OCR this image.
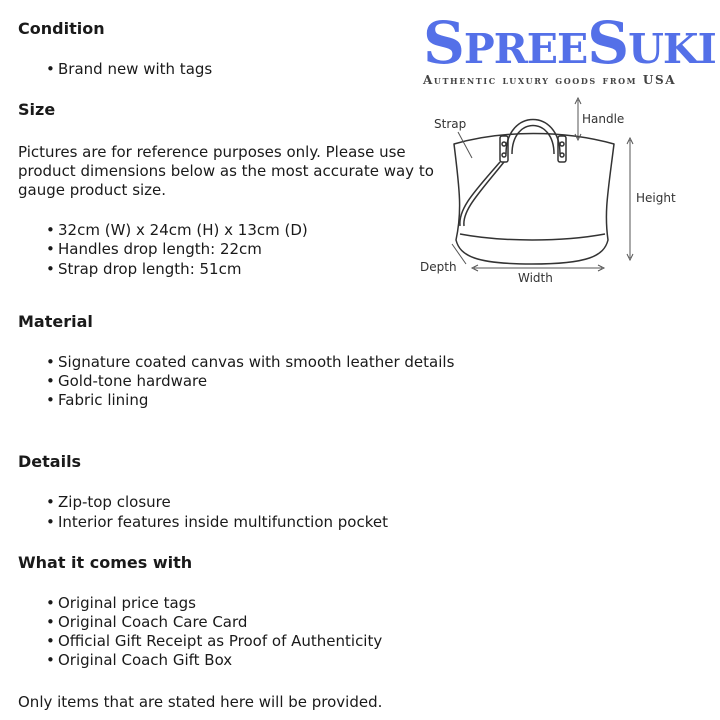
Condition
• Brand new with tags
Size

Pictures are for reference purposes only. Please use
product dimensions below as the most accurate way to
gauge product size.

• 32cm (W) x 24cm (H) x 13cm (D)
• Handles drop length: 22cm
• Strap drop length: 51cm
Material
• Signature coated canvas with smooth leather details
• Gold-tone hardware
• Fabric lining
Details
• Zip-top closure
• Interior features inside multifunction pocket
What it comes with
• Original price tags
• Original Coach Care Card
• Official Gift Receipt as Proof of Authenticity
• Original Coach Gift Box

Only items that are stated here will be provided.

SpreeSuki
Authentic luxury goods from USA
Strap	Handle
Height
Depth
Width
